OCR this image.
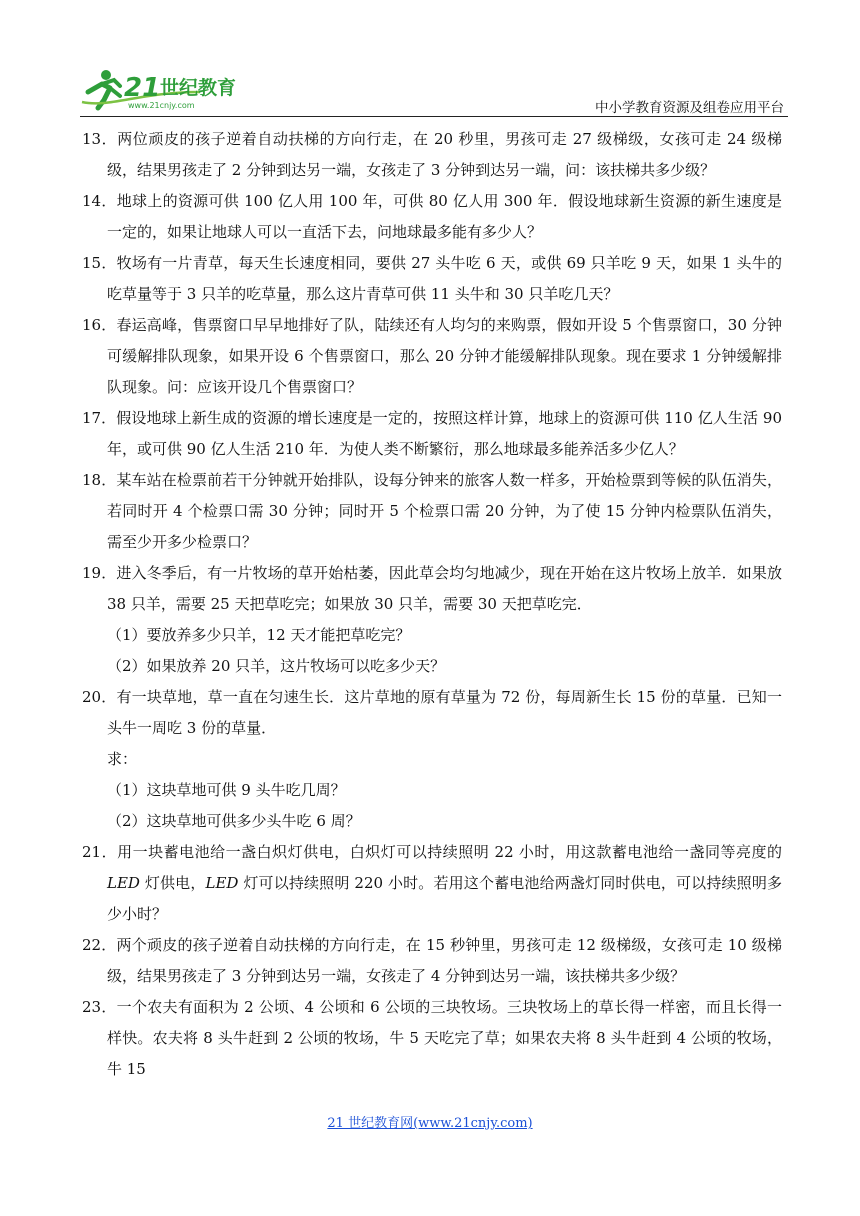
21 世纪教育
www.21cnjy.com	中小学教育资源及组卷应用平台

13．两位顽皮的孩子逆着自动扶梯的方向行走，在 20 秒里，男孩可走 27 级梯级，女孩可走 24 级梯级，结果男孩走了 2 分钟到达另一端，女孩走了 3 分钟到达另一端，问：该扶梯共多少级？

14．地球上的资源可供 100 亿人用 100 年，可供 80 亿人用 300 年．假设地球新生资源的新生速度是一定的，如果让地球人可以一直活下去，问地球最多能有多少人？

15．牧场有一片青草，每天生长速度相同，要供 27 头牛吃 6 天，或供 69 只羊吃 9 天，如果 1 头牛的吃草量等于 3 只羊的吃草量，那么这片青草可供 11 头牛和 30 只羊吃几天？

16．春运高峰，售票窗口早早地排好了队，陆续还有人均匀的来购票，假如开设 5 个售票窗口，30 分钟可缓解排队现象，如果开设 6 个售票窗口，那么 20 分钟才能缓解排队现象。现在要求 1 分钟缓解排队现象。问：应该开设几个售票窗口？

17．假设地球上新生成的资源的增长速度是一定的，按照这样计算，地球上的资源可供 110 亿人生活 90 年，或可供 90 亿人生活 210 年．为使人类不断繁衍，那么地球最多能养活多少亿人？

18．某车站在检票前若干分钟就开始排队，设每分钟来的旅客人数一样多，开始检票到等候的队伍消失，若同时开 4 个检票口需 30 分钟；同时开 5 个检票口需 20 分钟，为了使 15 分钟内检票队伍消失，需至少开多少检票口？

19．进入冬季后，有一片牧场的草开始枯萎，因此草会均匀地减少，现在开始在这片牧场上放羊．如果放 38 只羊，需要 25 天把草吃完；如果放 30 只羊，需要 30 天把草吃完．

（1）要放养多少只羊，12 天才能把草吃完？

（2）如果放养 20 只羊，这片牧场可以吃多少天？

20．有一块草地，草一直在匀速生长．这片草地的原有草量为 72 份，每周新生长 15 份的草量．已知一头牛一周吃 3 份的草量．

求：

（1）这块草地可供 9 头牛吃几周？

（2）这块草地可供多少头牛吃 6 周？

21．用一块蓄电池给一盏白炽灯供电，白炽灯可以持续照明 22 小时，用这款蓄电池给一盏同等亮度的 LED 灯供电，LED 灯可以持续照明 220 小时。若用这个蓄电池给两盏灯同时供电，可以持续照明多少小时？

22．两个顽皮的孩子逆着自动扶梯的方向行走，在 15 秒钟里，男孩可走 12 级梯级，女孩可走 10 级梯级，结果男孩走了 3 分钟到达另一端，女孩走了 4 分钟到达另一端，该扶梯共多少级？

23．一个农夫有面积为 2 公顷、4 公顷和 6 公顷的三块牧场。三块牧场上的草长得一样密，而且长得一样快。农夫将 8 头牛赶到 2 公顷的牧场，牛 5 天吃完了草；如果农夫将 8 头牛赶到 4 公顷的牧场，牛 15

21 世纪教育网(www.21cnjy.com)
